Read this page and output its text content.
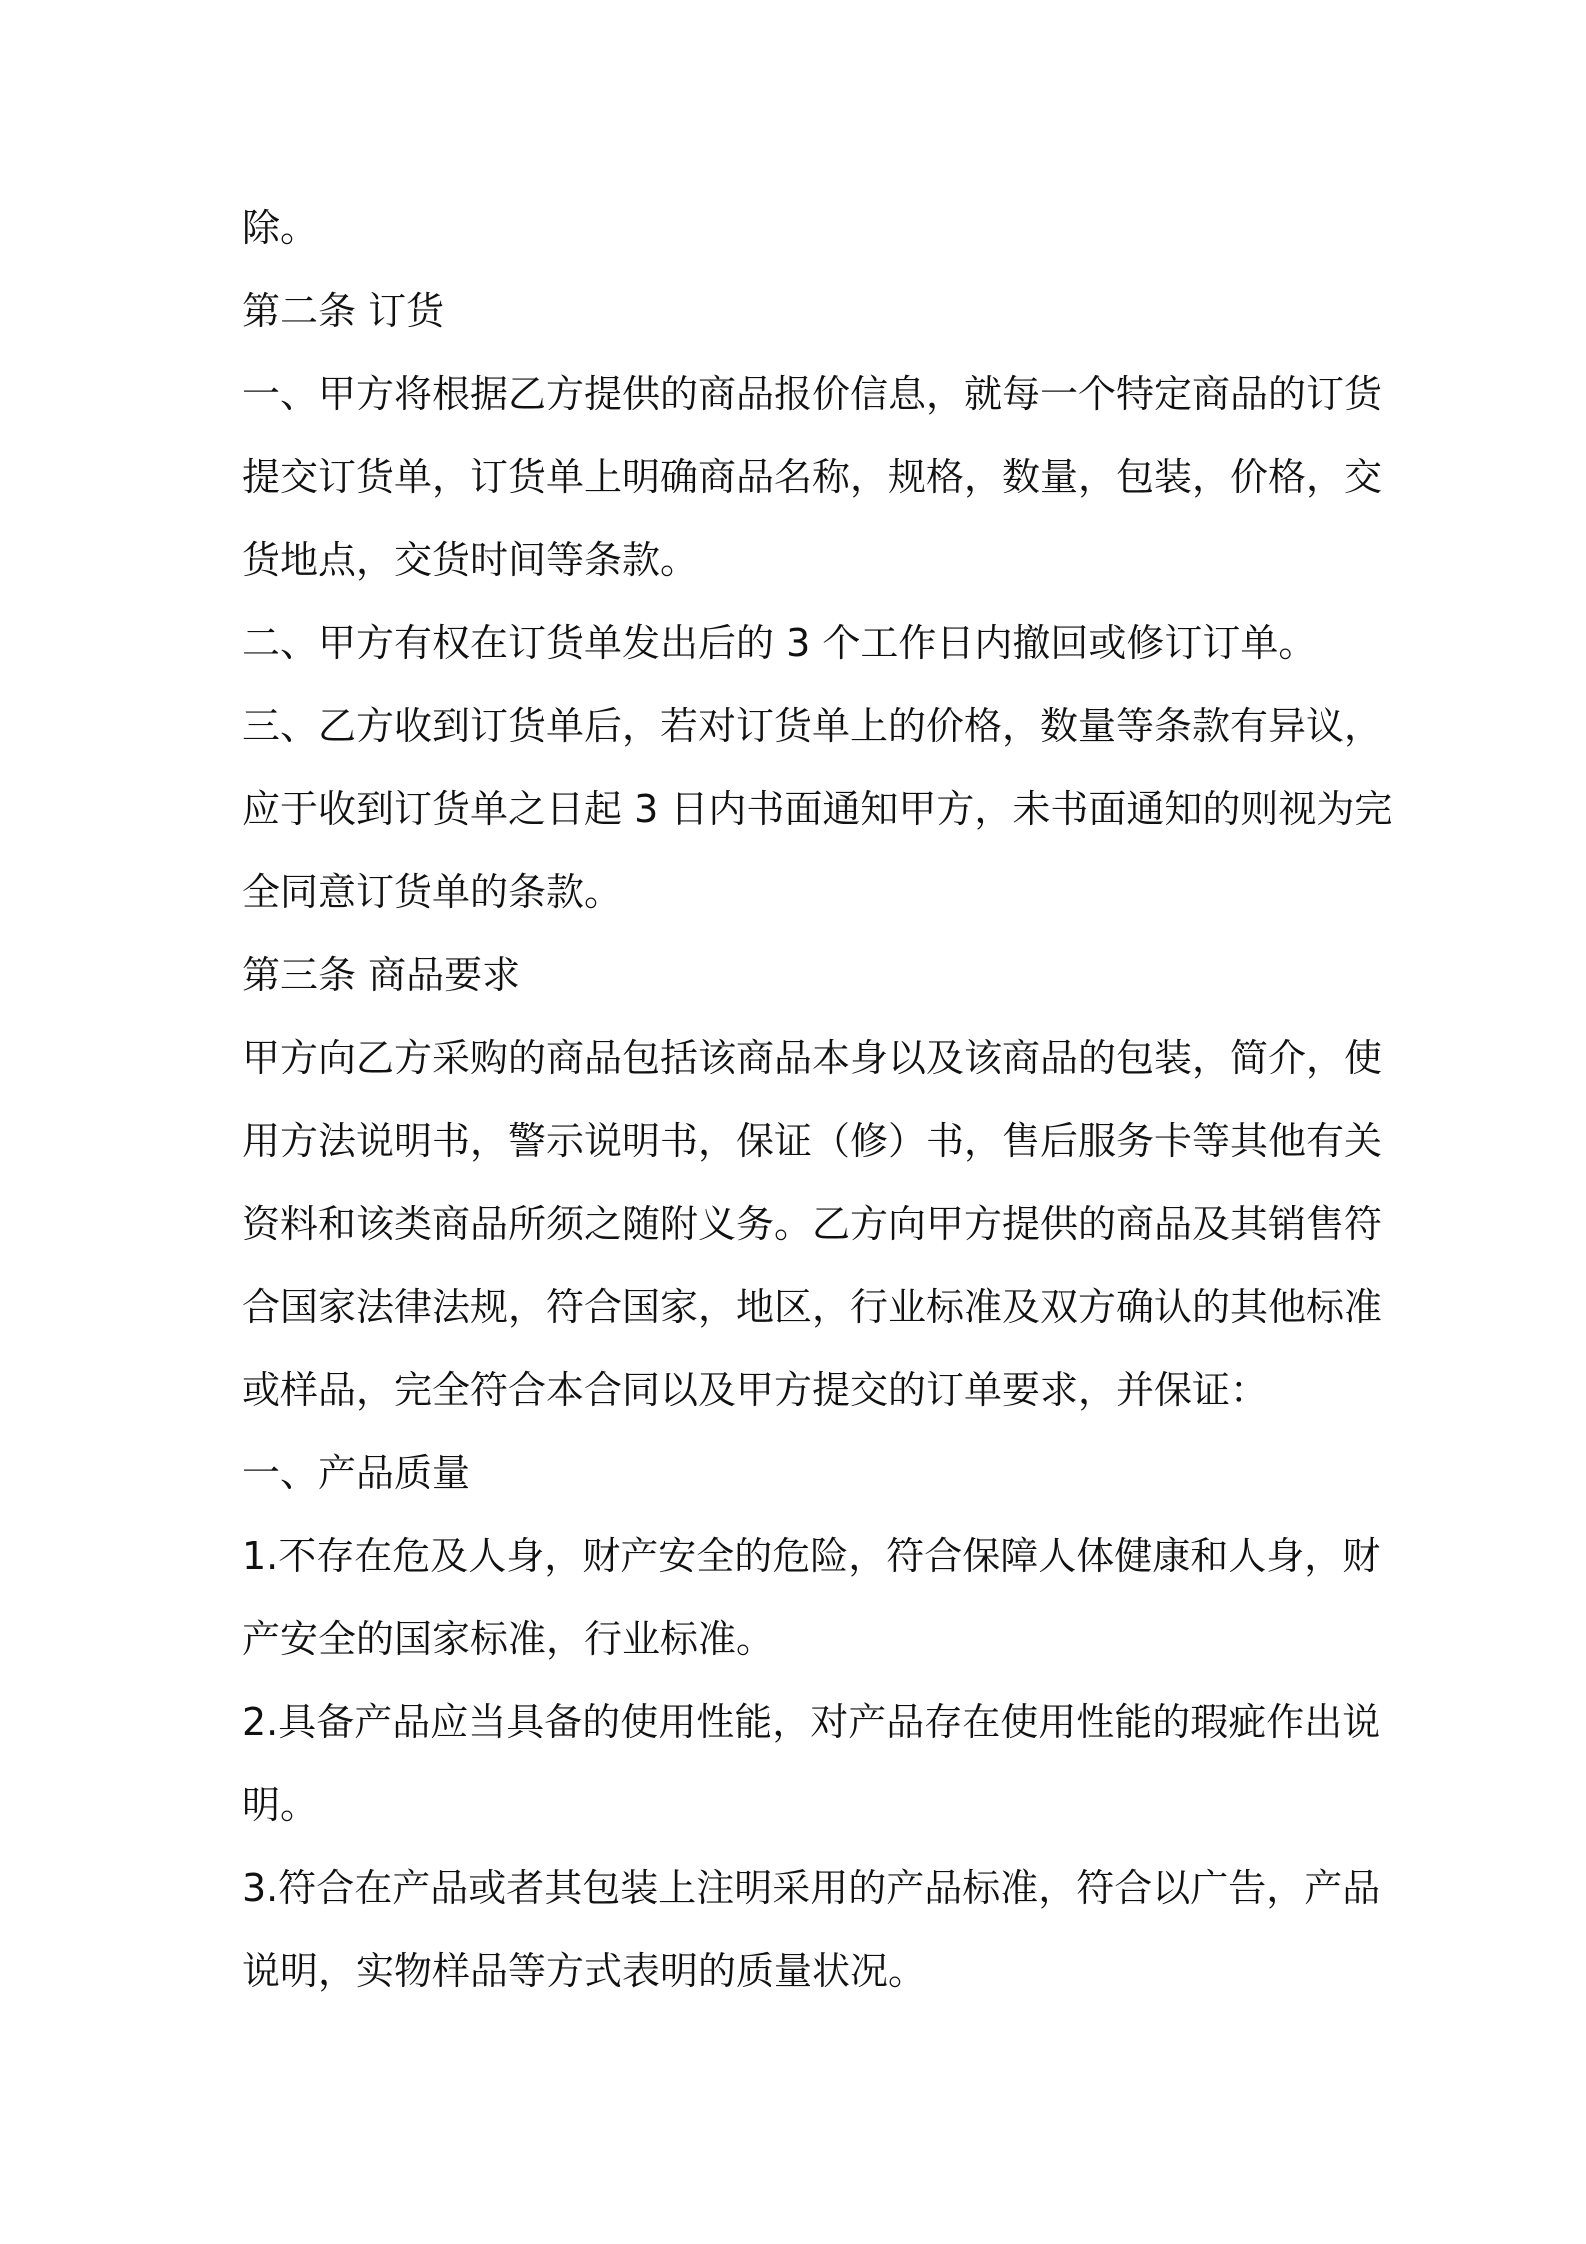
除。
第二条 订货
一、甲方将根据乙方提供的商品报价信息，就每一个特定商品的订货
提交订货单，订货单上明确商品名称，规格，数量，包装，价格，交
货地点，交货时间等条款。
二、甲方有权在订货单发出后的 3 个工作日内撤回或修订订单。
三、乙方收到订货单后，若对订货单上的价格，数量等条款有异议，
应于收到订货单之日起 3 日内书面通知甲方，未书面通知的则视为完
全同意订货单的条款。
第三条 商品要求
甲方向乙方采购的商品包括该商品本身以及该商品的包装，简介，使
用方法说明书，警示说明书，保证（修）书，售后服务卡等其他有关
资料和该类商品所须之随附义务。乙方向甲方提供的商品及其销售符
合国家法律法规，符合国家，地区，行业标准及双方确认的其他标准
或样品，完全符合本合同以及甲方提交的订单要求，并保证：
一、产品质量
1.不存在危及人身，财产安全的危险，符合保障人体健康和人身，财
产安全的国家标准，行业标准。
2.具备产品应当具备的使用性能，对产品存在使用性能的瑕疵作出说
明。
3.符合在产品或者其包装上注明采用的产品标准，符合以广告，产品
说明，实物样品等方式表明的质量状况。
